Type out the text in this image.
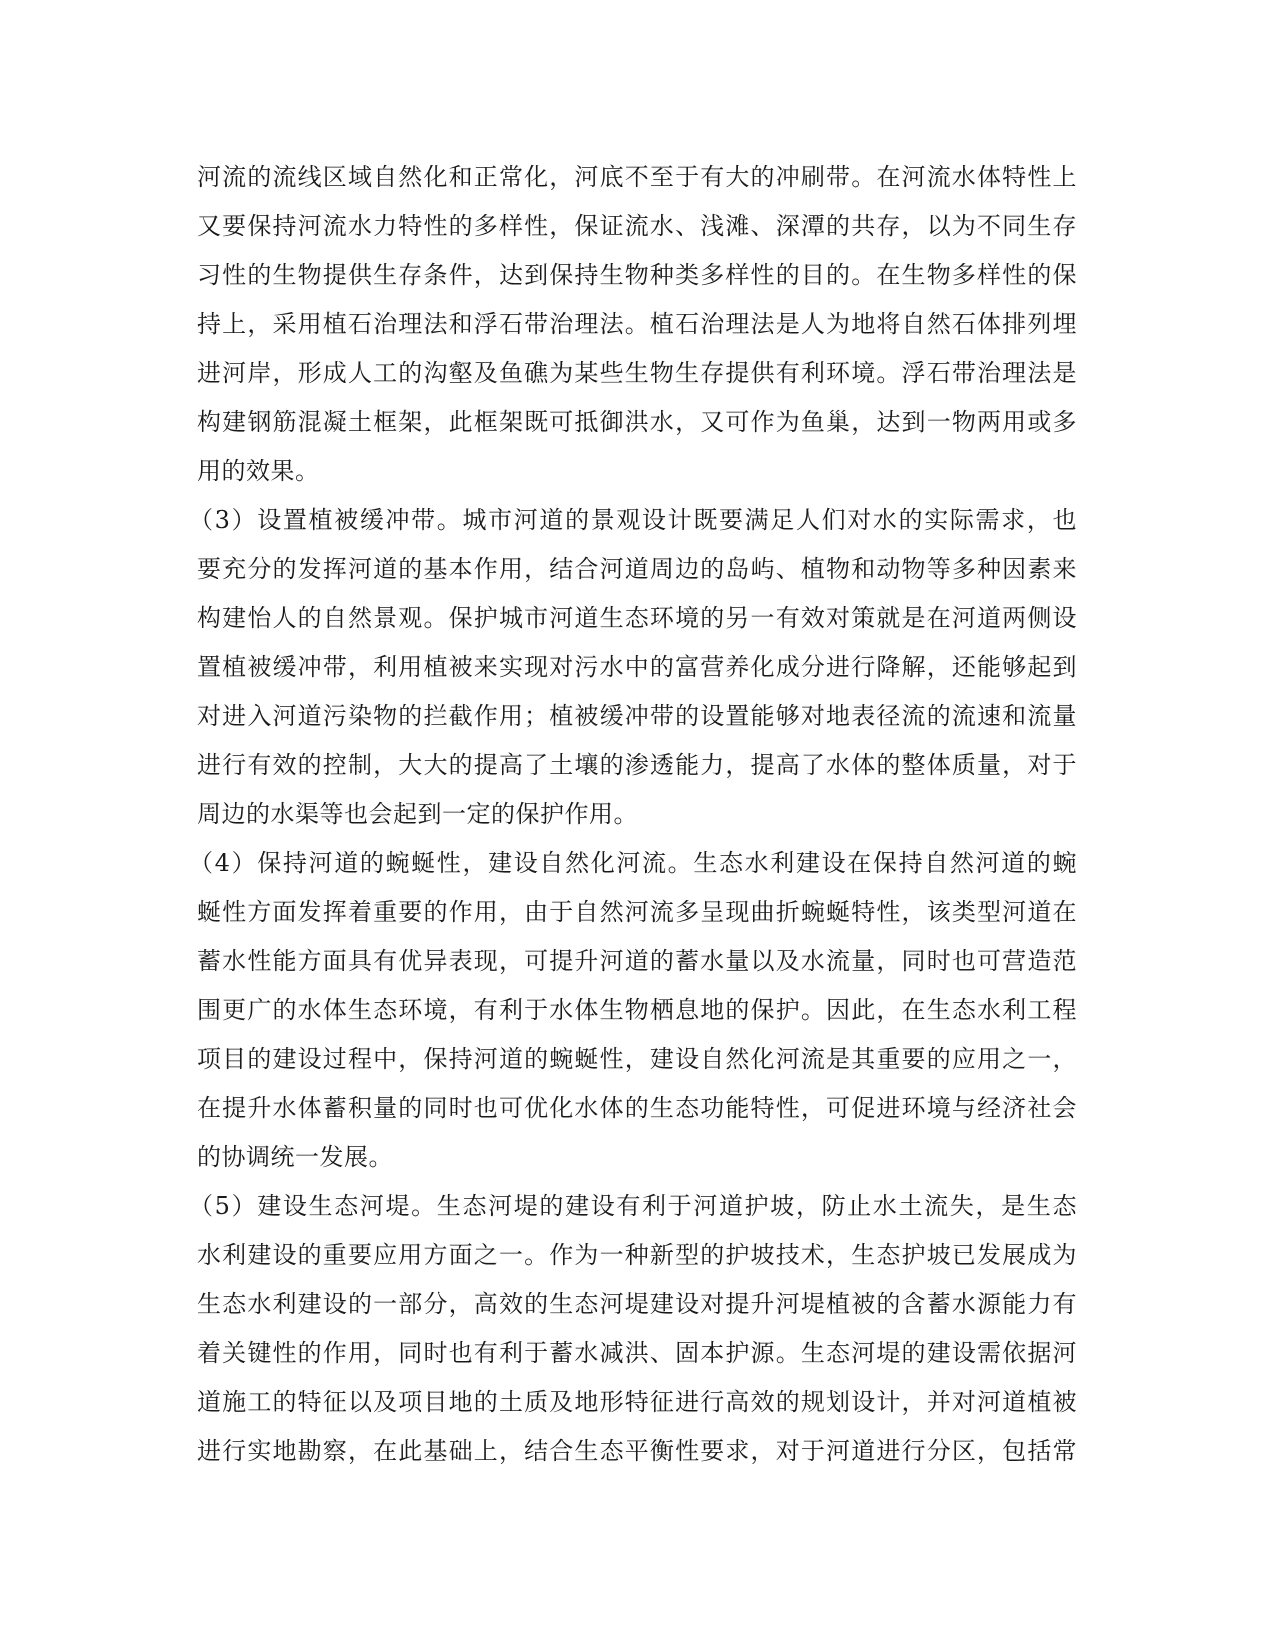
河流的流线区域自然化和正常化，河底不至于有大的冲刷带。在河流水体特性上
又要保持河流水力特性的多样性，保证流水、浅滩、深潭的共存，以为不同生存
习性的生物提供生存条件，达到保持生物种类多样性的目的。在生物多样性的保
持上，采用植石治理法和浮石带治理法。植石治理法是人为地将自然石体排列埋
进河岸，形成人工的沟壑及鱼礁为某些生物生存提供有利环境。浮石带治理法是
构建钢筋混凝土框架，此框架既可抵御洪水，又可作为鱼巢，达到一物两用或多
用的效果。
（3）设置植被缓冲带。城市河道的景观设计既要满足人们对水的实际需求，也
要充分的发挥河道的基本作用，结合河道周边的岛屿、植物和动物等多种因素来
构建怡人的自然景观。保护城市河道生态环境的另一有效对策就是在河道两侧设
置植被缓冲带，利用植被来实现对污水中的富营养化成分进行降解，还能够起到
对进入河道污染物的拦截作用；植被缓冲带的设置能够对地表径流的流速和流量
进行有效的控制，大大的提高了土壤的渗透能力，提高了水体的整体质量，对于
周边的水渠等也会起到一定的保护作用。
（4）保持河道的蜿蜒性，建设自然化河流。生态水利建设在保持自然河道的蜿
蜒性方面发挥着重要的作用，由于自然河流多呈现曲折蜿蜒特性，该类型河道在
蓄水性能方面具有优异表现，可提升河道的蓄水量以及水流量，同时也可营造范
围更广的水体生态环境，有利于水体生物栖息地的保护。因此，在生态水利工程
项目的建设过程中，保持河道的蜿蜒性，建设自然化河流是其重要的应用之一，
在提升水体蓄积量的同时也可优化水体的生态功能特性，可促进环境与经济社会
的协调统一发展。
（5）建设生态河堤。生态河堤的建设有利于河道护坡，防止水土流失，是生态
水利建设的重要应用方面之一。作为一种新型的护坡技术，生态护坡已发展成为
生态水利建设的一部分，高效的生态河堤建设对提升河堤植被的含蓄水源能力有
着关键性的作用，同时也有利于蓄水减洪、固本护源。生态河堤的建设需依据河
道施工的特征以及项目地的土质及地形特征进行高效的规划设计，并对河道植被
进行实地勘察，在此基础上，结合生态平衡性要求，对于河道进行分区，包括常
